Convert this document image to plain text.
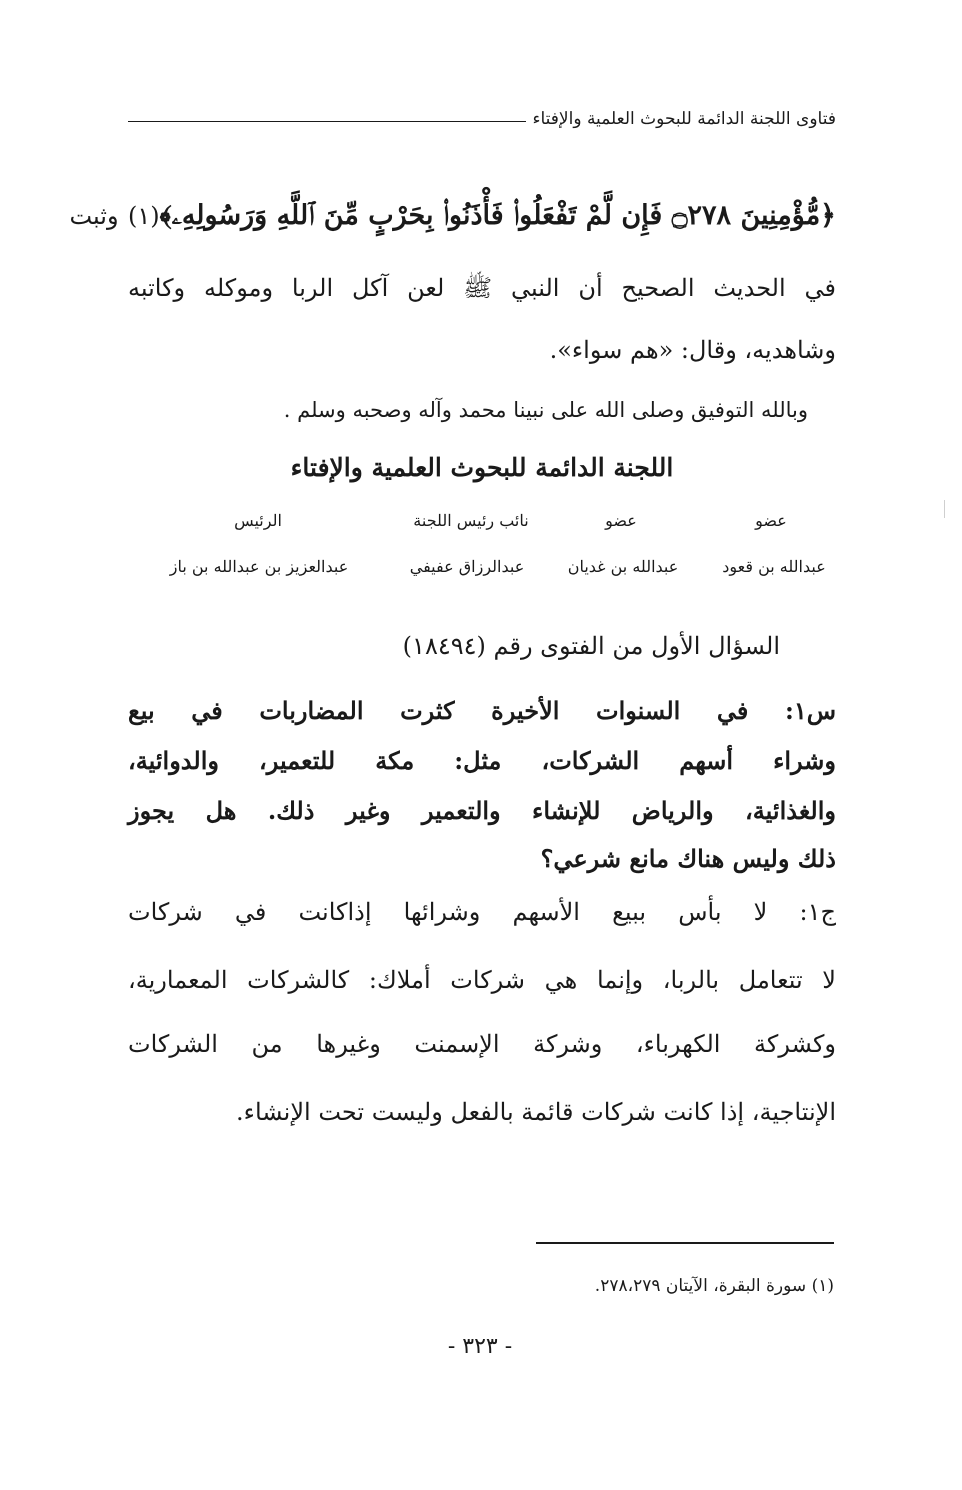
فتاوى اللجنة الدائمة للبحوث العلمية والإفتاء
﴿مُّؤْمِنِينَ ۝٢٧٨ فَإِن لَّمْ تَفْعَلُوا۟ فَأْذَنُوا۟ بِحَرْبٍ مِّنَ ٱللَّهِ وَرَسُولِهِۦ﴾(١) وثبت
في الحديث الصحيح أن النبي ﷺ لعن آكل الربا وموكله وكاتبه
وشاهديه، وقال: «هم سواء».
وبالله التوفيق وصلى الله على نبينا محمد وآله وصحبه وسلم .
اللجنة الدائمة للبحوث العلمية والإفتاء
عضو
عضو
نائب رئيس اللجنة
الرئيس
عبدالله بن قعود
عبدالله بن غديان
عبدالرزاق عفيفي
عبدالعزيز بن عبدالله بن باز
السؤال الأول من الفتوى رقم (١٨٤٩٤)
س١: في السنوات الأخيرة كثرت المضاربات في بيع
وشراء أسهم الشركات، مثل: مكة للتعمير، والدوائية،
والغذائية، والرياض للإنشاء والتعمير وغير ذلك. هل يجوز
ذلك وليس هناك مانع شرعي؟
ج١: لا بأس ببيع الأسهم وشرائها إذاكانت في شركات
لا تتعامل بالربا، وإنما هي شركات أملاك: كالشركات المعمارية،
وكشركة الكهرباء، وشركة الإسمنت وغيرها من الشركات
الإنتاجية، إذا كانت شركات قائمة بالفعل وليست تحت الإنشاء.
(١) سورة البقرة، الآيتان ٢٧٨،٢٧٩.
- ٣٢٣ -
